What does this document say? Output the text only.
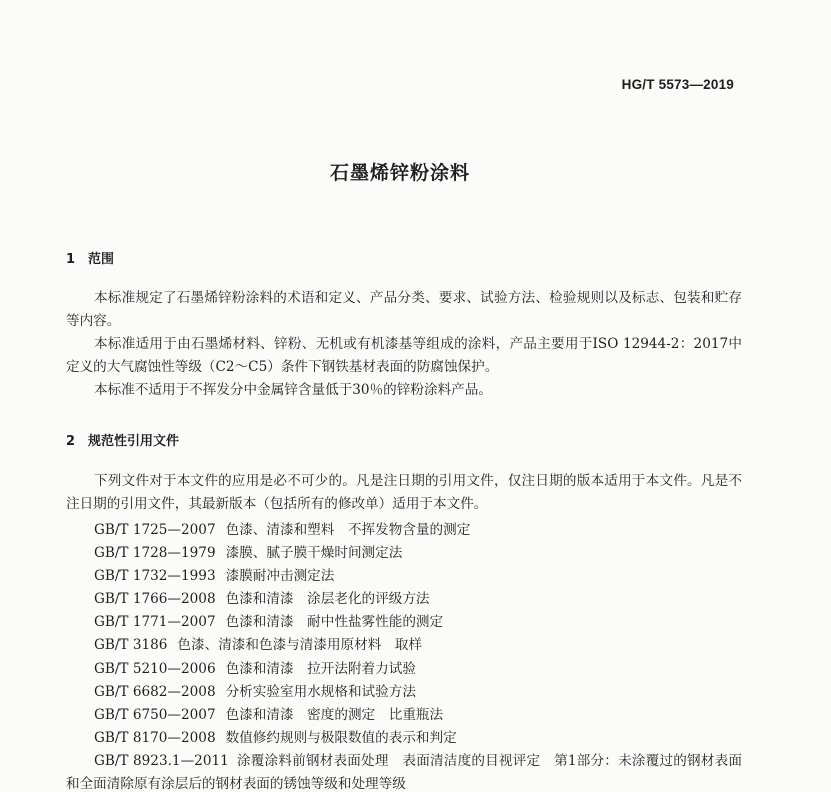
HG/T 5573—2019
石墨烯锌粉涂料
1 范围
本标准规定了石墨烯锌粉涂料的术语和定义、产品分类、要求、试验方法、检验规则以及标志、包装和贮存等内容。
本标准适用于由石墨烯材料、锌粉、无机或有机漆基等组成的涂料，产品主要用于ISO 12944-2：2017中定义的大气腐蚀性等级（C2～C5）条件下钢铁基材表面的防腐蚀保护。
本标准不适用于不挥发分中金属锌含量低于30％的锌粉涂料产品。
2 规范性引用文件
下列文件对于本文件的应用是必不可少的。凡是注日期的引用文件，仅注日期的版本适用于本文件。凡是不注日期的引用文件，其最新版本（包括所有的修改单）适用于本文件。
GB/T 1725—2007 色漆、清漆和塑料　不挥发物含量的测定
GB/T 1728—1979 漆膜、腻子膜干燥时间测定法
GB/T 1732—1993 漆膜耐冲击测定法
GB/T 1766—2008 色漆和清漆　涂层老化的评级方法
GB/T 1771—2007 色漆和清漆　耐中性盐雾性能的测定
GB/T 3186 色漆、清漆和色漆与清漆用原材料　取样
GB/T 5210—2006 色漆和清漆　拉开法附着力试验
GB/T 6682—2008 分析实验室用水规格和试验方法
GB/T 6750—2007 色漆和清漆　密度的测定　比重瓶法
GB/T 8170—2008 数值修约规则与极限数值的表示和判定
GB/T 8923.1—2011 涂覆涂料前钢材表面处理　表面清洁度的目视评定　第1部分：未涂覆过的钢材表面和全面清除原有涂层后的钢材表面的锈蚀等级和处理等级
